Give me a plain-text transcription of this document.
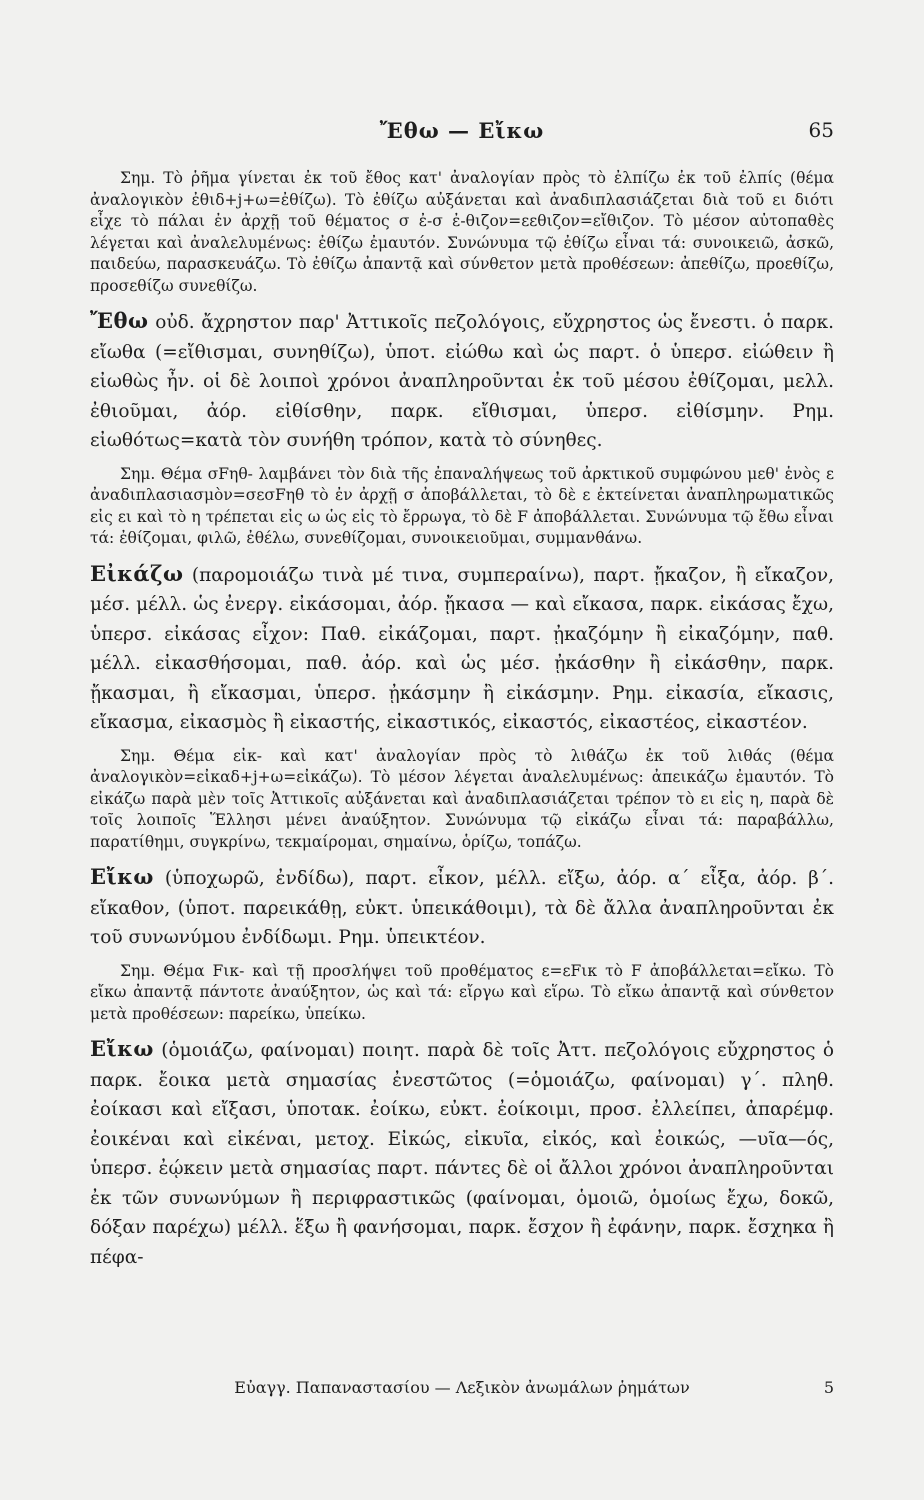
Ἔθω — Εἴκω	65

Σημ. Τὸ ῥῆμα γίνεται ἐκ τοῦ ἔθος κατ' ἀναλογίαν πρὸς τὸ ἐλπίζω ἐκ τοῦ ἐλπίς (θέμα ἀναλογικὸν ἐθιδ+j+ω=ἐθίζω). Τὸ ἐθίζω αὐξάνεται καὶ ἀναδιπλασιάζεται διὰ τοῦ ει διότι εἶχε τὸ πάλαι ἐν ἀρχῇ τοῦ θέματος σ ἐ-σ ἐ-θιζον=εεθιζον=εἴθιζον. Τὸ μέσον αὐτοπαθὲς λέγεται καὶ ἀναλελυμένως: ἐθίζω ἐμαυτόν. Συνώνυμα τῷ ἐθίζω εἶναι τά: συνοικειῶ, ἀσκῶ, παιδεύω, παρασκευάζω. Τὸ ἐθίζω ἀπαντᾷ καὶ σύνθετον μετὰ προθέσεων: ἀπεθίζω, προεθίζω, προσεθίζω συνεθίζω.

Ἔθω οὐδ. ἄχρηστον παρ' Ἀττικοῖς πεζολόγοις, εὔχρηστος ὡς ἔνεστι. ὁ παρκ. εἴωθα (=εἴθισμαι, συνηθίζω), ὑποτ. εἰώθω καὶ ὡς παρτ. ὁ ὑπερσ. εἰώθειν ἢ εἰωθὼς ἦν. οἱ δὲ λοιποὶ χρόνοι ἀναπληροῦνται ἐκ τοῦ μέσου ἐθίζομαι, μελλ. ἐθιοῦμαι, ἀόρ. εἰθίσθην, παρκ. εἴθισμαι, ὑπερσ. εἰθίσμην. Ρημ. εἰωθότως=κατὰ τὸν συνήθη τρόπον, κατὰ τὸ σύνηθες.

Σημ. Θέμα σFηθ- λαμβάνει τὸν διὰ τῆς ἐπαναλήψεως τοῦ ἀρκτικοῦ συμφώνου μεθ' ἑνὸς ε ἀναδιπλασιασμὸν=σεσFηθ τὸ ἐν ἀρχῇ σ ἀποβάλλεται, τὸ δὲ ε ἐκτείνεται ἀναπληρωματικῶς εἰς ει καὶ τὸ η τρέπεται εἰς ω ὡς εἰς τὸ ἔρρωγα, τὸ δὲ F ἀποβάλλεται. Συνώνυμα τῷ ἔθω εἶναι τά: ἐθίζομαι, φιλῶ, ἐθέλω, συνεθίζομαι, συνοικειοῦμαι, συμμανθάνω.

Εἰκάζω (παρομοιάζω τινὰ μέ τινα, συμπεραίνω), παρτ. ᾔκαζον, ἢ εἴκαζον, μέσ. μέλλ. ὡς ἐνεργ. εἰκάσομαι, ἀόρ. ᾔκασα — καὶ εἴκασα, παρκ. εἰκάσας ἔχω, ὑπερσ. εἰκάσας εἶχον: Παθ. εἰκάζομαι, παρτ. ᾐκαζόμην ἢ εἰκαζόμην, παθ. μέλλ. εἰκασθήσομαι, παθ. ἀόρ. καὶ ὡς μέσ. ᾐκάσθην ἢ εἰκάσθην, παρκ. ᾔκασμαι, ἢ εἴκασμαι, ὑπερσ. ᾐκάσμην ἢ εἰκάσμην. Ρημ. εἰκασία, εἴκασις, εἴκασμα, εἰκασμὸς ἢ εἰκαστής, εἰκαστικός, εἰκαστός, εἰκαστέος, εἰκαστέον.

Σημ. Θέμα εἰκ- καὶ κατ' ἀναλογίαν πρὸς τὸ λιθάζω ἐκ τοῦ λιθάς (θέμα ἀναλογικὸν=εἰκαδ+j+ω=εἰκάζω). Τὸ μέσον λέγεται ἀναλελυμένως: ἀπεικάζω ἐμαυτόν. Τὸ εἰκάζω παρὰ μὲν τοῖς Ἀττικοῖς αὐξάνεται καὶ ἀναδιπλασιάζεται τρέπον τὸ ει εἰς η, παρὰ δὲ τοῖς λοιποῖς Ἕλλησι μένει ἀναύξητον. Συνώνυμα τῷ εἰκάζω εἶναι τά: παραβάλλω, παρατίθημι, συγκρίνω, τεκμαίρομαι, σημαίνω, ὁρίζω, τοπάζω.

Εἴκω (ὑποχωρῶ, ἐνδίδω), παρτ. εἶκον, μέλλ. εἴξω, ἀόρ. α΄ εἶξα, ἀόρ. β΄. εἴκαθον, (ὑποτ. παρεικάθῃ, εὐκτ. ὑπεικάθοιμι), τὰ δὲ ἄλλα ἀναπληροῦνται ἐκ τοῦ συνωνύμου ἐνδίδωμι. Ρημ. ὑπεικτέον.

Σημ. Θέμα Fικ- καὶ τῇ προσλήψει τοῦ προθέματος ε=εFικ τὸ F ἀποβάλλεται=εἴκω. Τὸ εἴκω ἀπαντᾷ πάντοτε ἀναύξητον, ὡς καὶ τά: εἴργω καὶ εἵρω. Τὸ εἴκω ἀπαντᾷ καὶ σύνθετον μετὰ προθέσεων: παρείκω, ὑπείκω.

Εἴκω (ὁμοιάζω, φαίνομαι) ποιητ. παρὰ δὲ τοῖς Ἀττ. πεζολόγοις εὔχρηστος ὁ παρκ. ἔοικα μετὰ σημασίας ἐνεστῶτος (=ὁμοιάζω, φαίνομαι) γ΄. πληθ. ἐοίκασι καὶ εἴξασι, ὑποτακ. ἐοίκω, εὐκτ. ἐοίκοιμι, προσ. ἐλλείπει, ἀπαρέμφ. ἐοικέναι καὶ εἰκέναι, μετοχ. Εἰκώς, εἰκυῖα, εἰκός, καὶ ἐοικώς, —υῖα—ός, ὑπερσ. ἐῴκειν μετὰ σημασίας παρτ. πάντες δὲ οἱ ἄλλοι χρόνοι ἀναπληροῦνται ἐκ τῶν συνωνύμων ἢ περιφραστικῶς (φαίνομαι, ὁμοιῶ, ὁμοίως ἔχω, δοκῶ, δόξαν παρέχω) μέλλ. ἕξω ἢ φανήσομαι, παρκ. ἔσχον ἢ ἐφάνην, παρκ. ἔσχηκα ἢ πέφα-

Εὐαγγ. Παπαναστασίου — Λεξικὸν ἀνωμάλων ῥημάτων	5
